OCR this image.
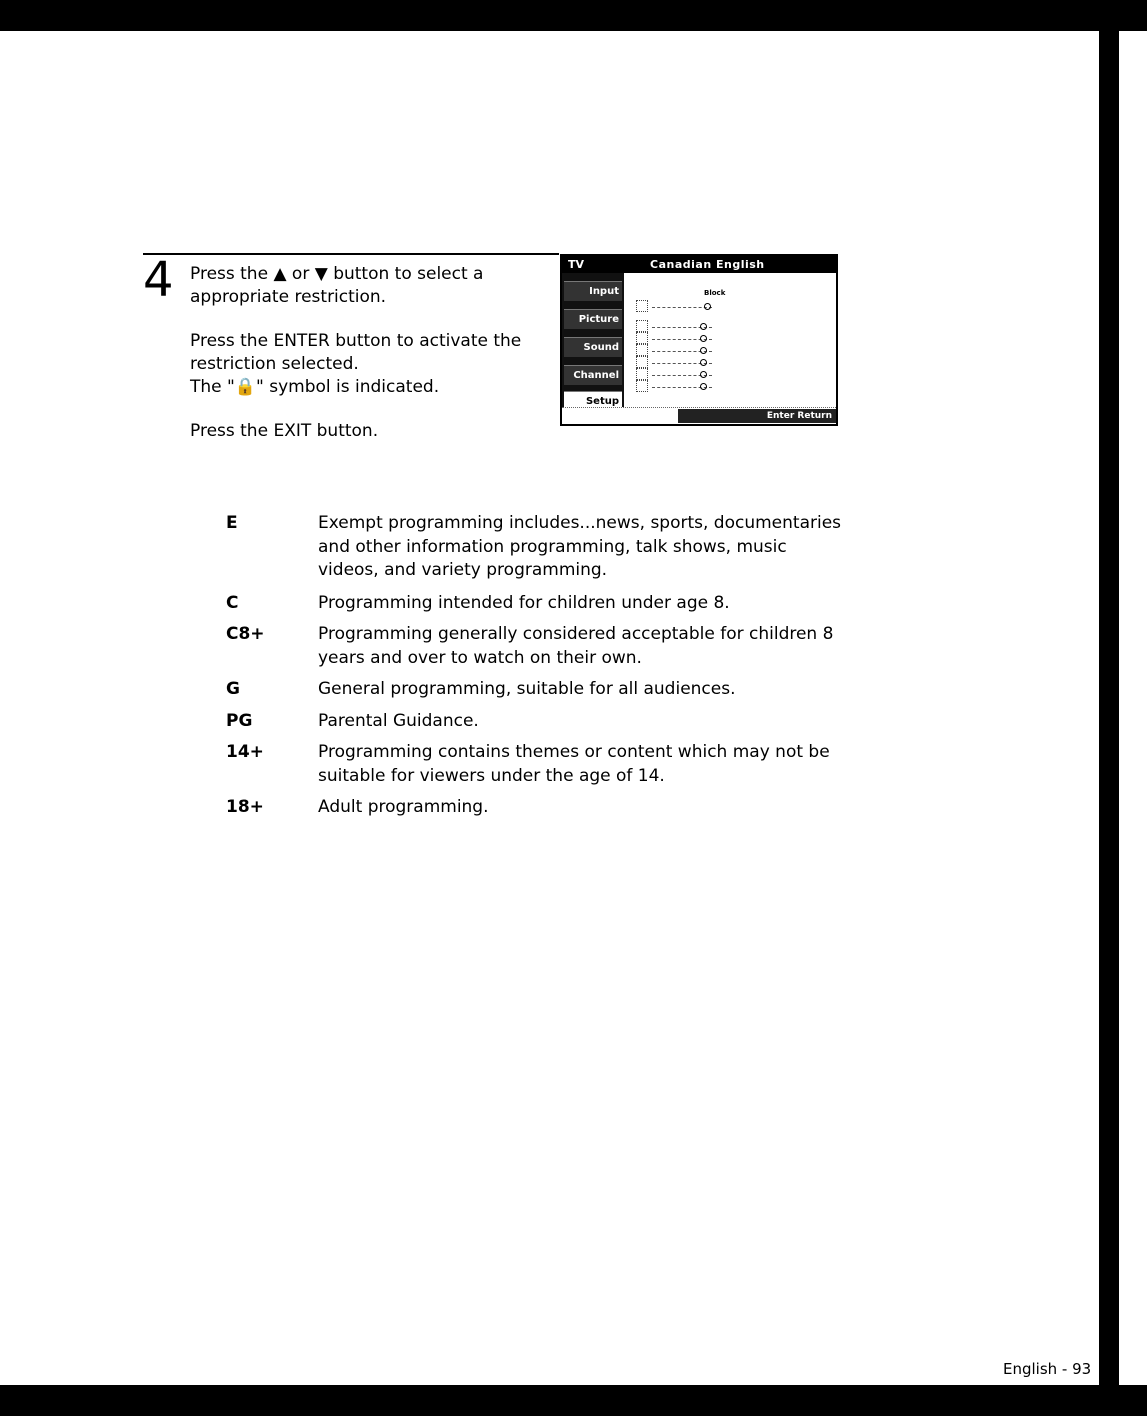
4 Press the ▲ or ▼ button to select a appropriate restriction.

Press the ENTER button to activate the restriction selected.
The "🔒" symbol is indicated.

Press the EXIT button.

TV	Canadian English
Input
Picture
Sound
Channel
Setup
Block
Enter Return
E	Exempt programming includes...news, sports, documentaries and other information programming, talk shows, music videos, and variety programming.
C	Programming intended for children under age 8.
C8+	Programming generally considered acceptable for children 8 years and over to watch on their own.
G	General programming, suitable for all audiences.
PG	Parental Guidance.
14+	Programming contains themes or content which may not be suitable for viewers under the age of 14.
18+	Adult programming.
English - 93
